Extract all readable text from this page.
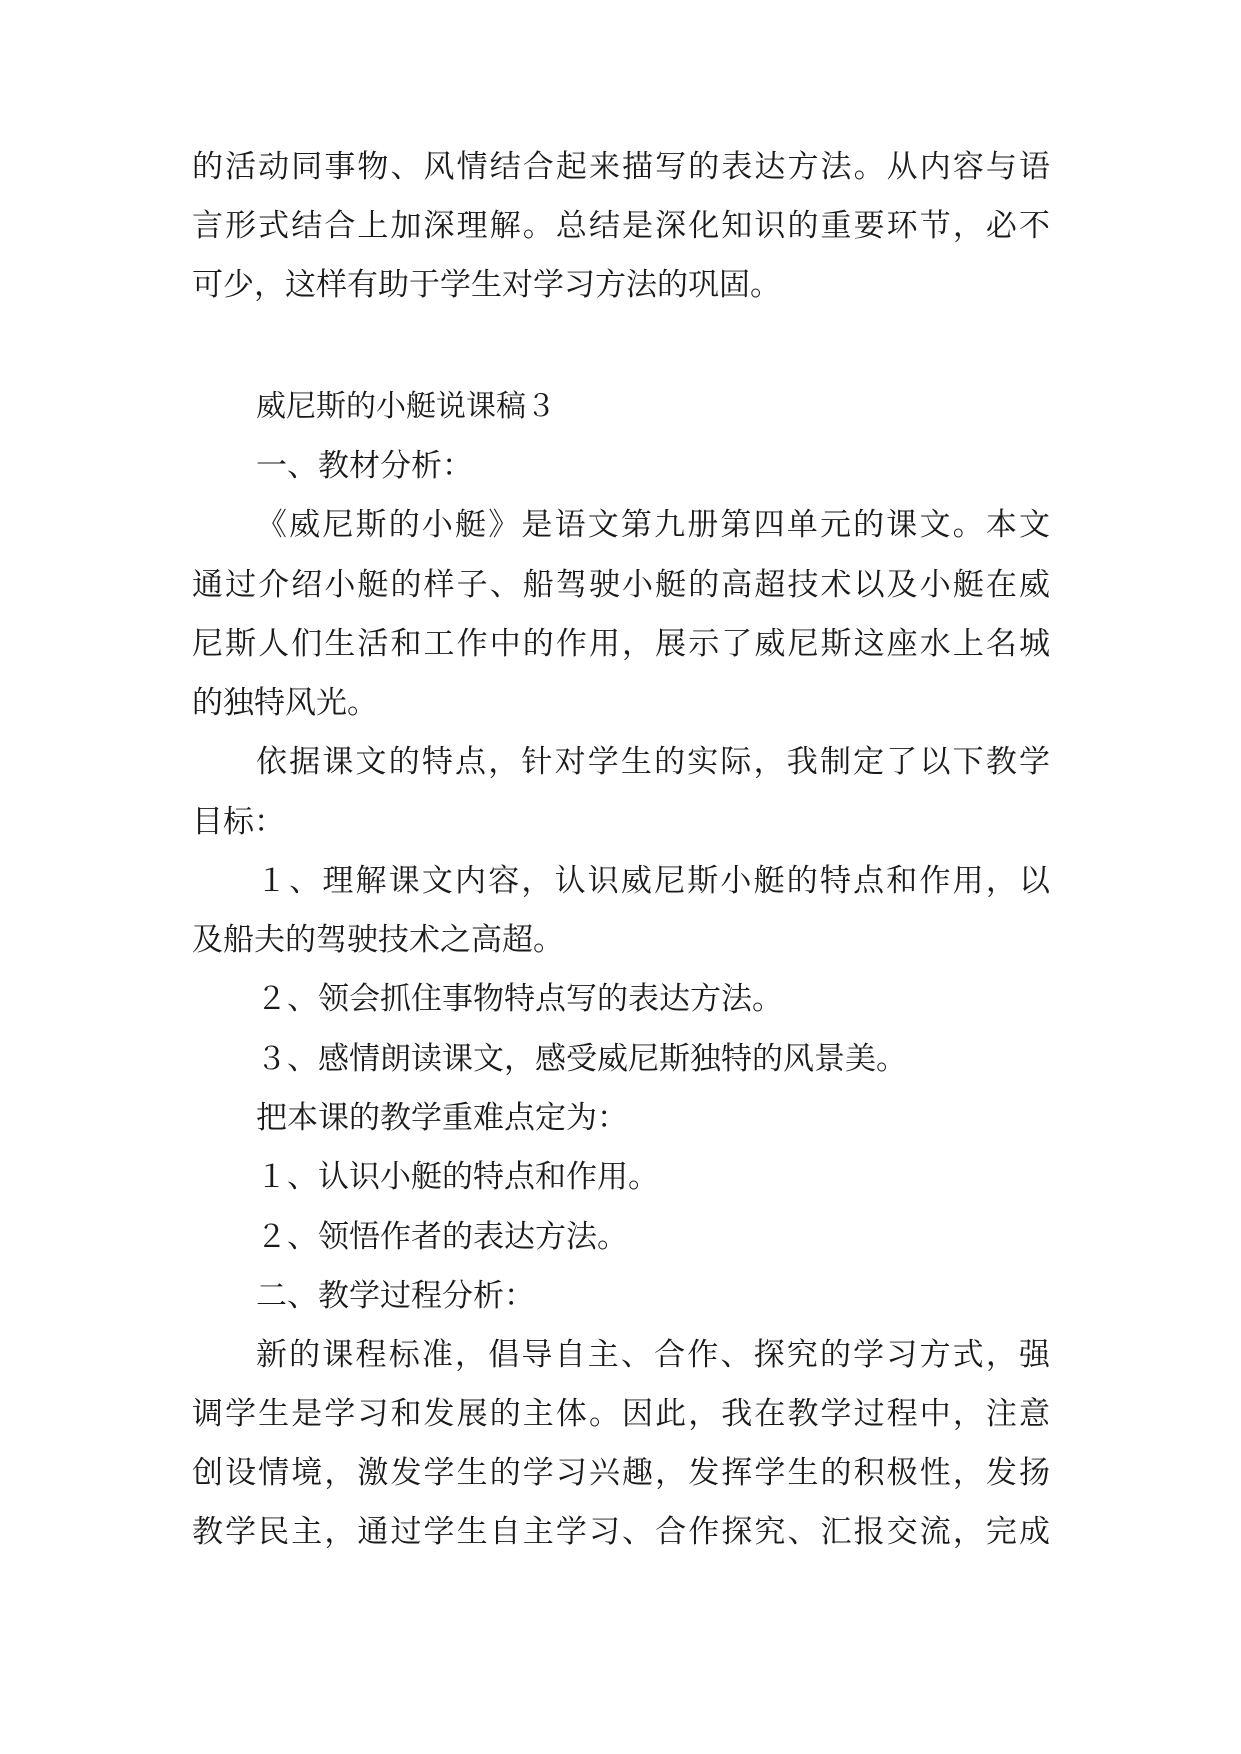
的活动同事物、风情结合起来描写的表达方法。从内容与语

言形式结合上加深理解。总结是深化知识的重要环节，必不

可少，这样有助于学生对学习方法的巩固。

威尼斯的小艇说课稿３

一、教材分析：

《威尼斯的小艇》是语文第九册第四单元的课文。本文

通过介绍小艇的样子、船驾驶小艇的高超技术以及小艇在威

尼斯人们生活和工作中的作用，展示了威尼斯这座水上名城

的独特风光。

依据课文的特点，针对学生的实际，我制定了以下教学

目标：

１、理解课文内容，认识威尼斯小艇的特点和作用，以

及船夫的驾驶技术之高超。

２、领会抓住事物特点写的表达方法。

３、感情朗读课文，感受威尼斯独特的风景美。

把本课的教学重难点定为：

１、认识小艇的特点和作用。

２、领悟作者的表达方法。

二、教学过程分析：

新的课程标准，倡导自主、合作、探究的学习方式，强

调学生是学习和发展的主体。因此，我在教学过程中，注意

创设情境，激发学生的学习兴趣，发挥学生的积极性，发扬

教学民主，通过学生自主学习、合作探究、汇报交流，完成
